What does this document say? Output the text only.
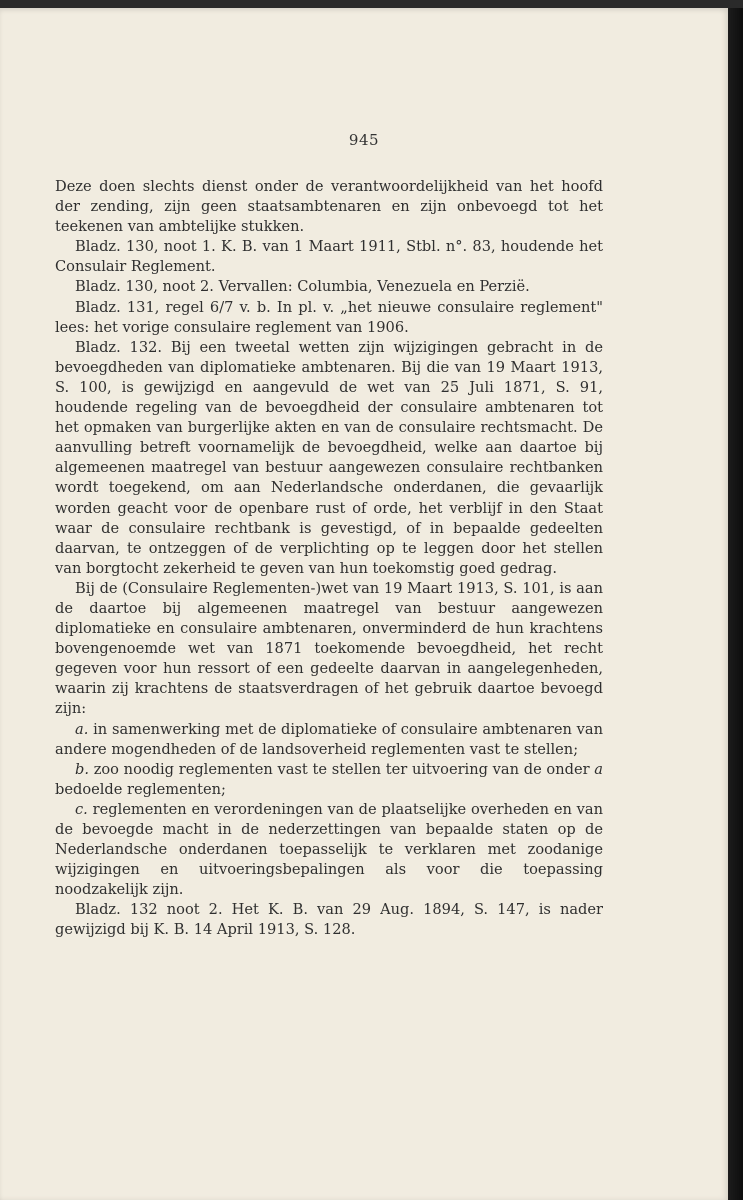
945

Deze doen slechts dienst onder de verantwoordelijkheid van het hoofd der zending, zijn geen staatsambtenaren en zijn onbevoegd tot het teekenen van ambtelijke stukken.

Bladz. 130, noot 1. K. B. van 1 Maart 1911, Stbl. n°. 83, houdende het Consulair Reglement.

Bladz. 130, noot 2. Vervallen: Columbia, Venezuela en Perzië.

Bladz. 131, regel 6/7 v. b. In pl. v. „het nieuwe consulaire reglement" lees: het vorige consulaire reglement van 1906.

Bladz. 132. Bij een tweetal wetten zijn wijzigingen gebracht in de bevoegdheden van diplomatieke ambtenaren. Bij die van 19 Maart 1913, S. 100, is gewijzigd en aangevuld de wet van 25 Juli 1871, S. 91, houdende regeling van de bevoegdheid der consulaire ambtenaren tot het opmaken van burgerlijke akten en van de consulaire rechtsmacht. De aanvulling betreft voornamelijk de bevoegdheid, welke aan daartoe bij algemeenen maatregel van bestuur aangewezen consulaire rechtbanken wordt toegekend, om aan Nederlandsche onderdanen, die gevaarlijk worden geacht voor de openbare rust of orde, het verblijf in den Staat waar de consulaire rechtbank is gevestigd, of in bepaalde gedeelten daarvan, te ontzeggen of de verplichting op te leggen door het stellen van borgtocht zekerheid te geven van hun toekomstig goed gedrag.

Bij de (Consulaire Reglementen-)wet van 19 Maart 1913, S. 101, is aan de daartoe bij algemeenen maatregel van bestuur aangewezen diplomatieke en consulaire ambtenaren, onverminderd de hun krachtens bovengenoemde wet van 1871 toekomende bevoegdheid, het recht gegeven voor hun ressort of een gedeelte daarvan in aangelegenheden, waarin zij krachtens de staatsverdragen of het gebruik daartoe bevoegd zijn:

a. in samenwerking met de diplomatieke of consulaire ambtenaren van andere mogendheden of de landsoverheid reglementen vast te stellen;

b. zoo noodig reglementen vast te stellen ter uitvoering van de onder a bedoelde reglementen;

c. reglementen en verordeningen van de plaatselijke overheden en van de bevoegde macht in de nederzettingen van bepaalde staten op de Nederlandsche onderdanen toepasselijk te verklaren met zoodanige wijzigingen en uitvoeringsbepalingen als voor die toepassing noodzakelijk zijn.

Bladz. 132 noot 2. Het K. B. van 29 Aug. 1894, S. 147, is nader gewijzigd bij K. B. 14 April 1913, S. 128.
